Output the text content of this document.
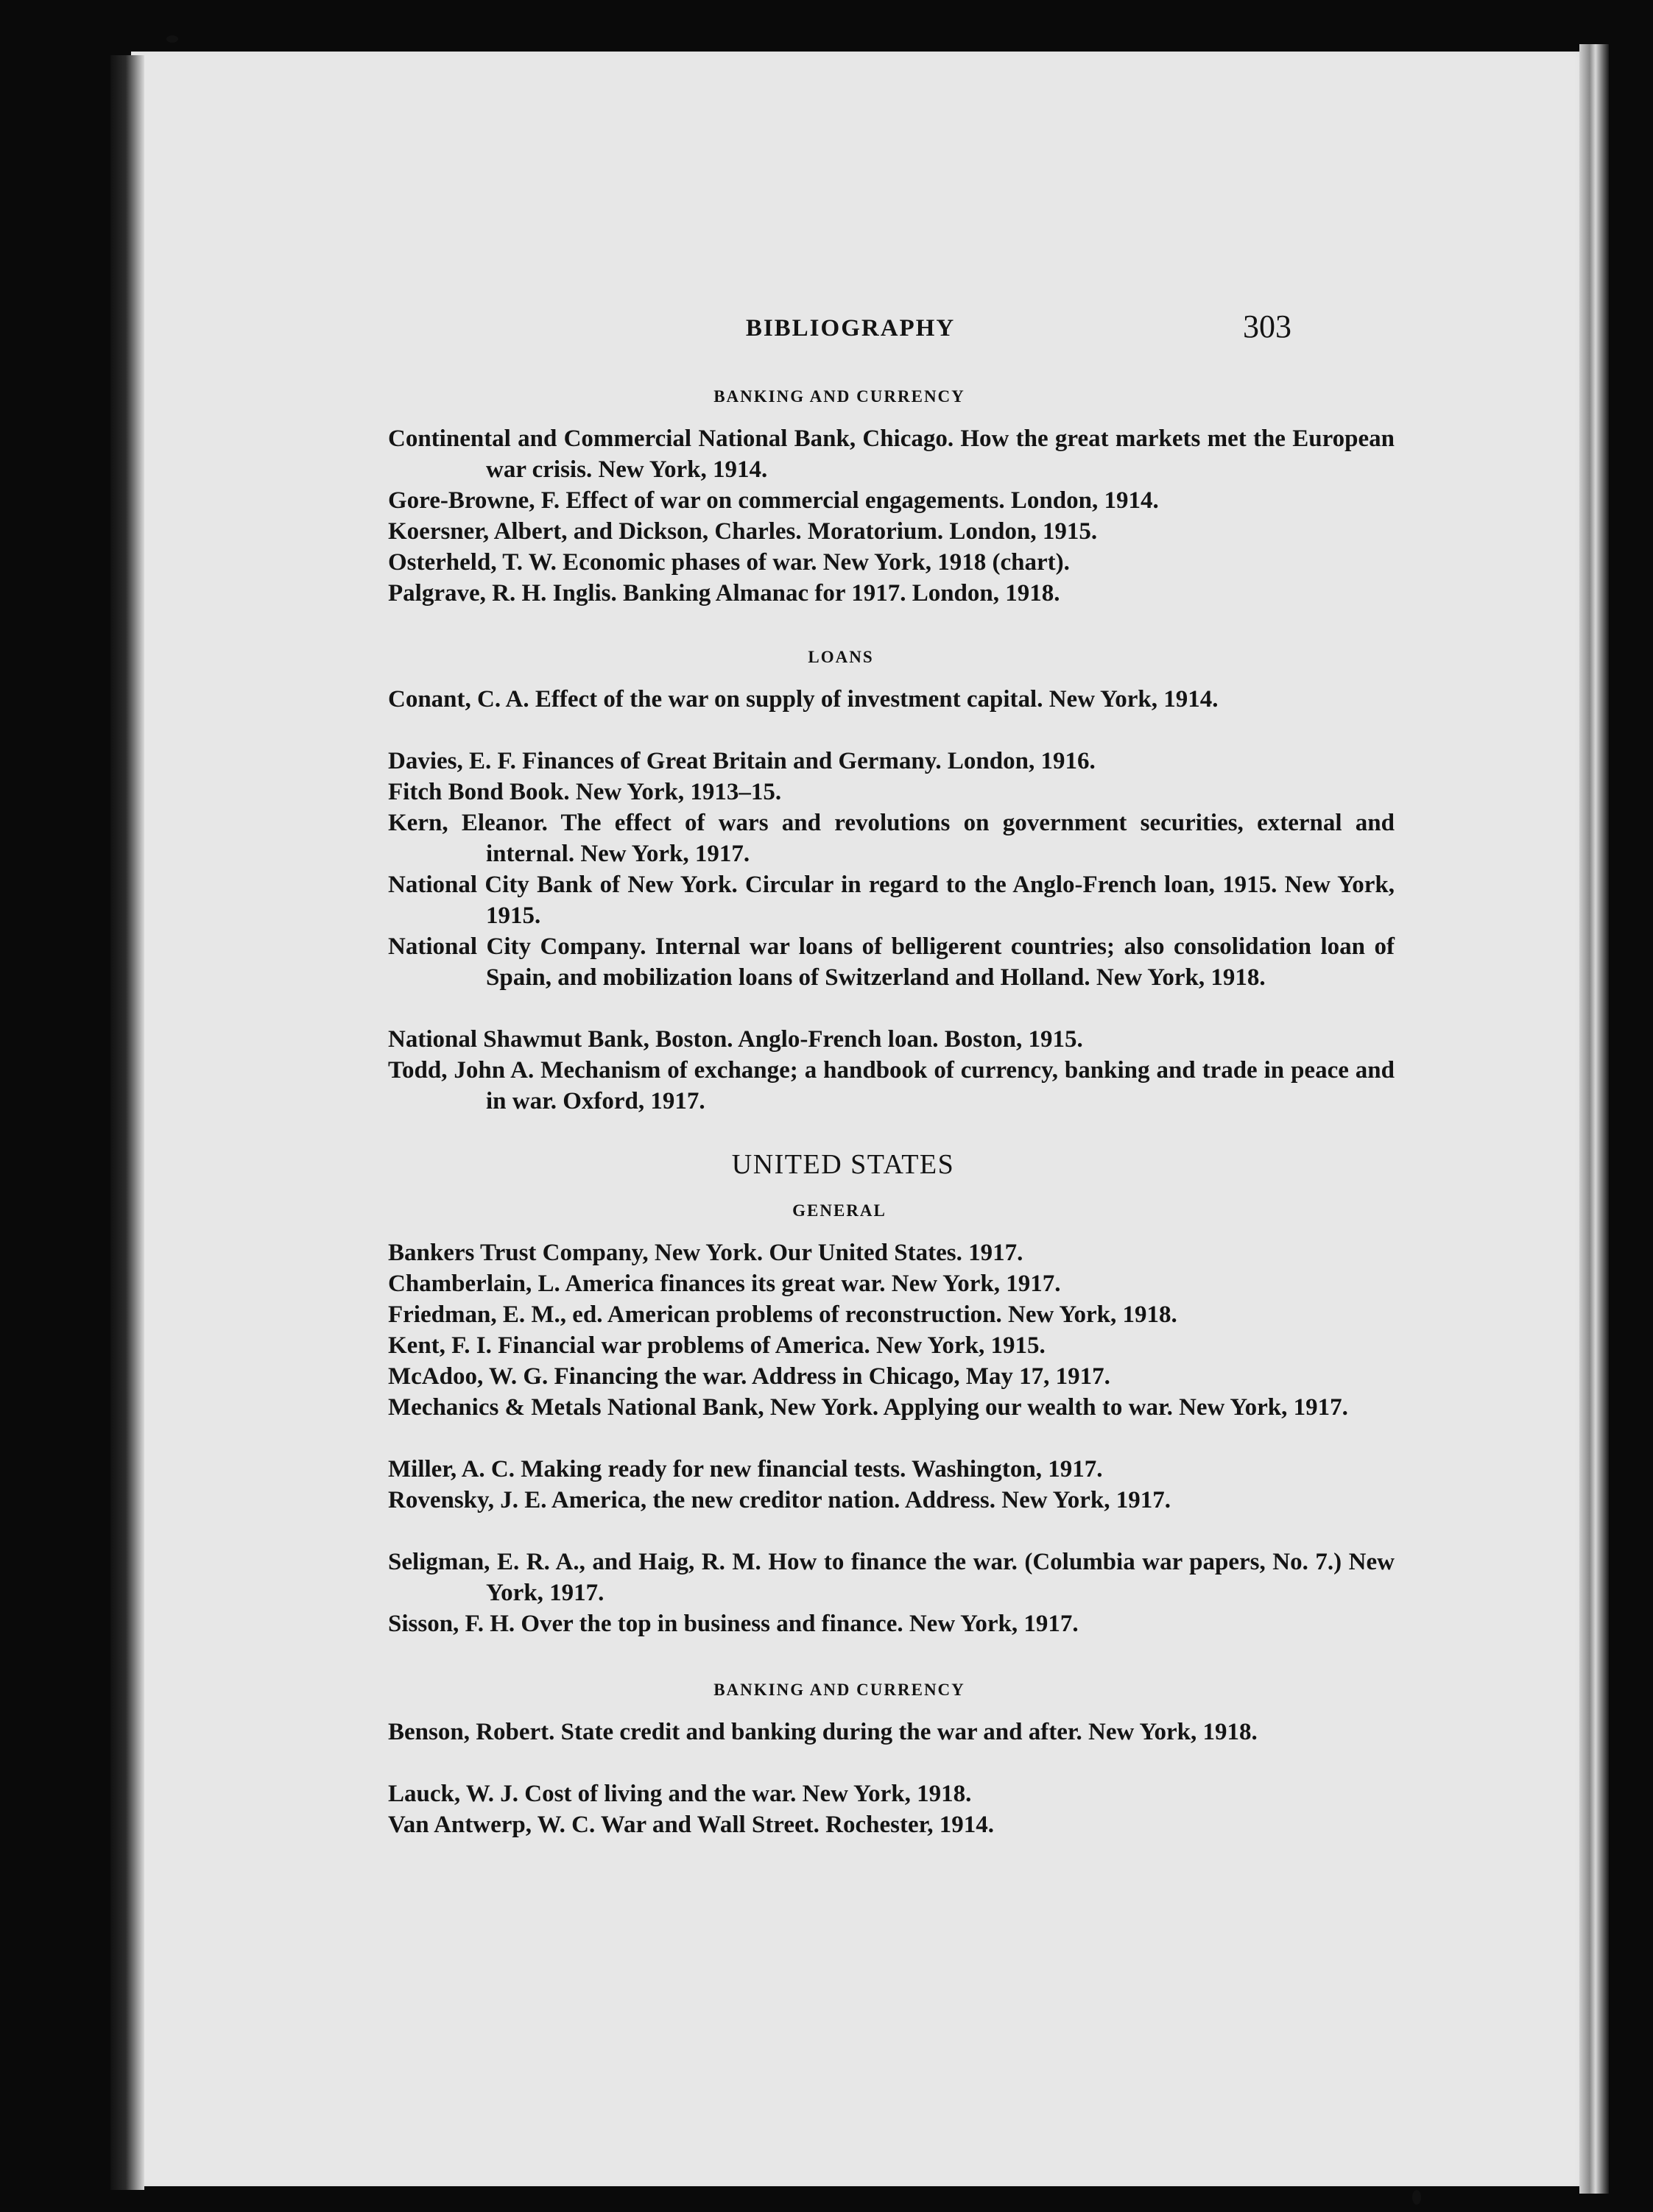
BIBLIOGRAPHY	303
BANKING AND CURRENCY
Continental and Commercial National Bank, Chicago. How the great markets met the European war crisis. New York, 1914.
Gore-Browne, F. Effect of war on commercial engagements. London, 1914.
Koersner, Albert, and Dickson, Charles. Moratorium. London, 1915.
Osterheld, T. W. Economic phases of war. New York, 1918 (chart).
Palgrave, R. H. Inglis. Banking Almanac for 1917. London, 1918.
LOANS
Conant, C. A. Effect of the war on supply of investment capital. New York, 1914.
Davies, E. F. Finances of Great Britain and Germany. London, 1916.
Fitch Bond Book. New York, 1913–15.
Kern, Eleanor. The effect of wars and revolutions on government securities, external and internal. New York, 1917.
National City Bank of New York. Circular in regard to the Anglo-French loan, 1915. New York, 1915.
National City Company. Internal war loans of belligerent countries; also consolidation loan of Spain, and mobilization loans of Switzerland and Holland. New York, 1918.
National Shawmut Bank, Boston. Anglo-French loan. Boston, 1915.
Todd, John A. Mechanism of exchange; a handbook of currency, banking and trade in peace and in war. Oxford, 1917.
UNITED STATES
GENERAL
Bankers Trust Company, New York. Our United States. 1917.
Chamberlain, L. America finances its great war. New York, 1917.
Friedman, E. M., ed. American problems of reconstruction. New York, 1918.
Kent, F. I. Financial war problems of America. New York, 1915.
McAdoo, W. G. Financing the war. Address in Chicago, May 17, 1917.
Mechanics & Metals National Bank, New York. Applying our wealth to war. New York, 1917.
Miller, A. C. Making ready for new financial tests. Washington, 1917.
Rovensky, J. E. America, the new creditor nation. Address. New York, 1917.
Seligman, E. R. A., and Haig, R. M. How to finance the war. (Columbia war papers, No. 7.) New York, 1917.
Sisson, F. H. Over the top in business and finance. New York, 1917.
BANKING AND CURRENCY
Benson, Robert. State credit and banking during the war and after. New York, 1918.
Lauck, W. J. Cost of living and the war. New York, 1918.
Van Antwerp, W. C. War and Wall Street. Rochester, 1914.
